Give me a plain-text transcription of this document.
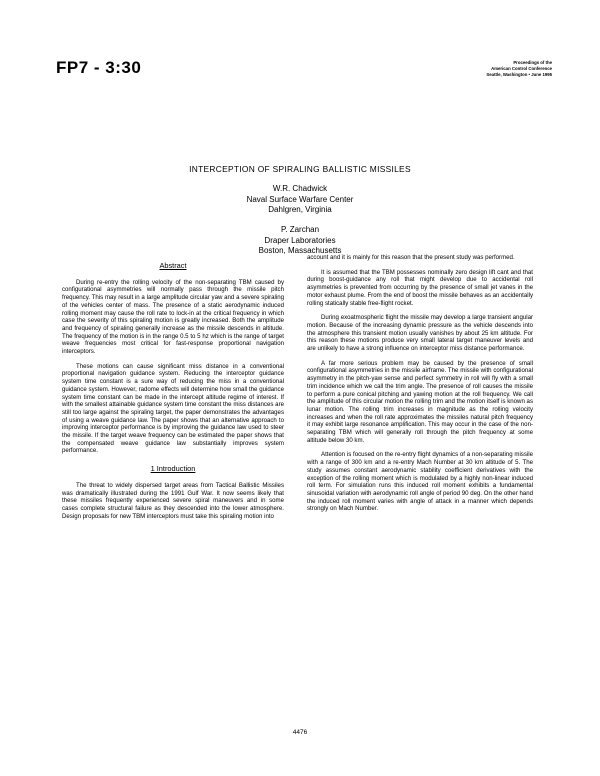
FP7 - 3:30	Proceedings of the
American Control Conference
Seattle, Washington • June 1995
INTERCEPTION OF SPIRALING BALLISTIC MISSILES
W.R. Chadwick
Naval Surface Warfare Center
Dahlgren, Virginia
P. Zarchan
Draper Laboratories
Boston, Massachusetts
Abstract

During re-entry the rolling velocity of the non-separating TBM caused by configurational asymmetries will normally pass through the missile pitch frequency. This may result in a large amplitude circular yaw and a severe spiraling of the vehicles center of mass. The presence of a static aerodynamic induced rolling moment may cause the roll rate to lock-in at the critical frequency in which case the severity of this spiraling motion is greatly increased. Both the amplitude and frequency of spiraling generally increase as the missile descends in altitude. The frequency of the motion is in the range 0.5 to 5 hz which is the range of target weave frequencies most critical for fast-response proportional navigation interceptors.

These motions can cause significant miss distance in a conventional proportional navigation guidance system. Reducing the interceptor guidance system time constant is a sure way of reducing the miss in a conventional guidance system. However, radome effects will determine how small the guidance system time constant can be made in the intercept altitude regime of interest. If with the smallest attainable guidance system time constant the miss distances are still too large against the spiraling target, the paper demonstrates the advantages of using a weave guidance law. The paper shows that an alternative approach to improving interceptor performance is by improving the guidance law used to steer the missile. If the target weave frequency can be estimated the paper shows that the compensated weave guidance law substantially improves system performance.

1 Introduction

The threat to widely dispersed target areas from Tactical Ballistic Missiles was dramatically illustrated during the 1991 Gulf War. It now seems likely that these missiles frequently experienced severe spiral maneuvers and in some cases complete structural failure as they descended into the lower atmosphere. Design proposals for new TBM interceptors must take this spiraling motion into

account and it is mainly for this reason that the present study was performed.

It is assumed that the TBM possesses nominally zero design lift cant and that during boost-guidance any roll that might develop due to accidental roll asymmetries is prevented from occurring by the presence of small jet vanes in the motor exhaust plume. From the end of boost the missile behaves as an accidentally rolling statically stable free-flight rocket.

During exoatmospheric flight the missile may develop a large transient angular motion. Because of the increasing dynamic pressure as the vehicle descends into the atmosphere this transient motion usually vanishes by about 25 km altitude. For this reason these motions produce very small lateral target maneuver levels and are unlikely to have a strong influence on interceptor miss distance performance.

A far more serious problem may be caused by the presence of small configurational asymmetries in the missile airframe. The missile with configurational asymmetry in the pitch-yaw sense and perfect symmetry in roll will fly with a small trim incidence which we call the trim angle. The presence of roll causes the missile to perform a pure conical pitching and yawing motion at the roll frequency. We call the amplitude of this circular motion the rolling trim and the motion itself is known as lunar motion. The rolling trim increases in magnitude as the rolling velocity increases and when the roll rate approximates the missiles natural pitch frequency it may exhibit large resonance amplification. This may occur in the case of the non-separating TBM which will generally roll through the pitch frequency at some altitude below 30 km.

Attention is focused on the re-entry flight dynamics of a non-separating missile with a range of 300 km and a re-entry Mach Number at 30 km altitude of 5. The study assumes constant aerodynamic stability coefficient derivatives with the exception of the rolling moment which is modulated by a highly non-linear induced roll term. For simulation runs this induced roll moment exhibits a fundamental sinusoidal variation with aerodynamic roll angle of period 90 deg. On the other hand the induced roll moment varies with angle of attack in a manner which depends strongly on Mach Number.

4476
